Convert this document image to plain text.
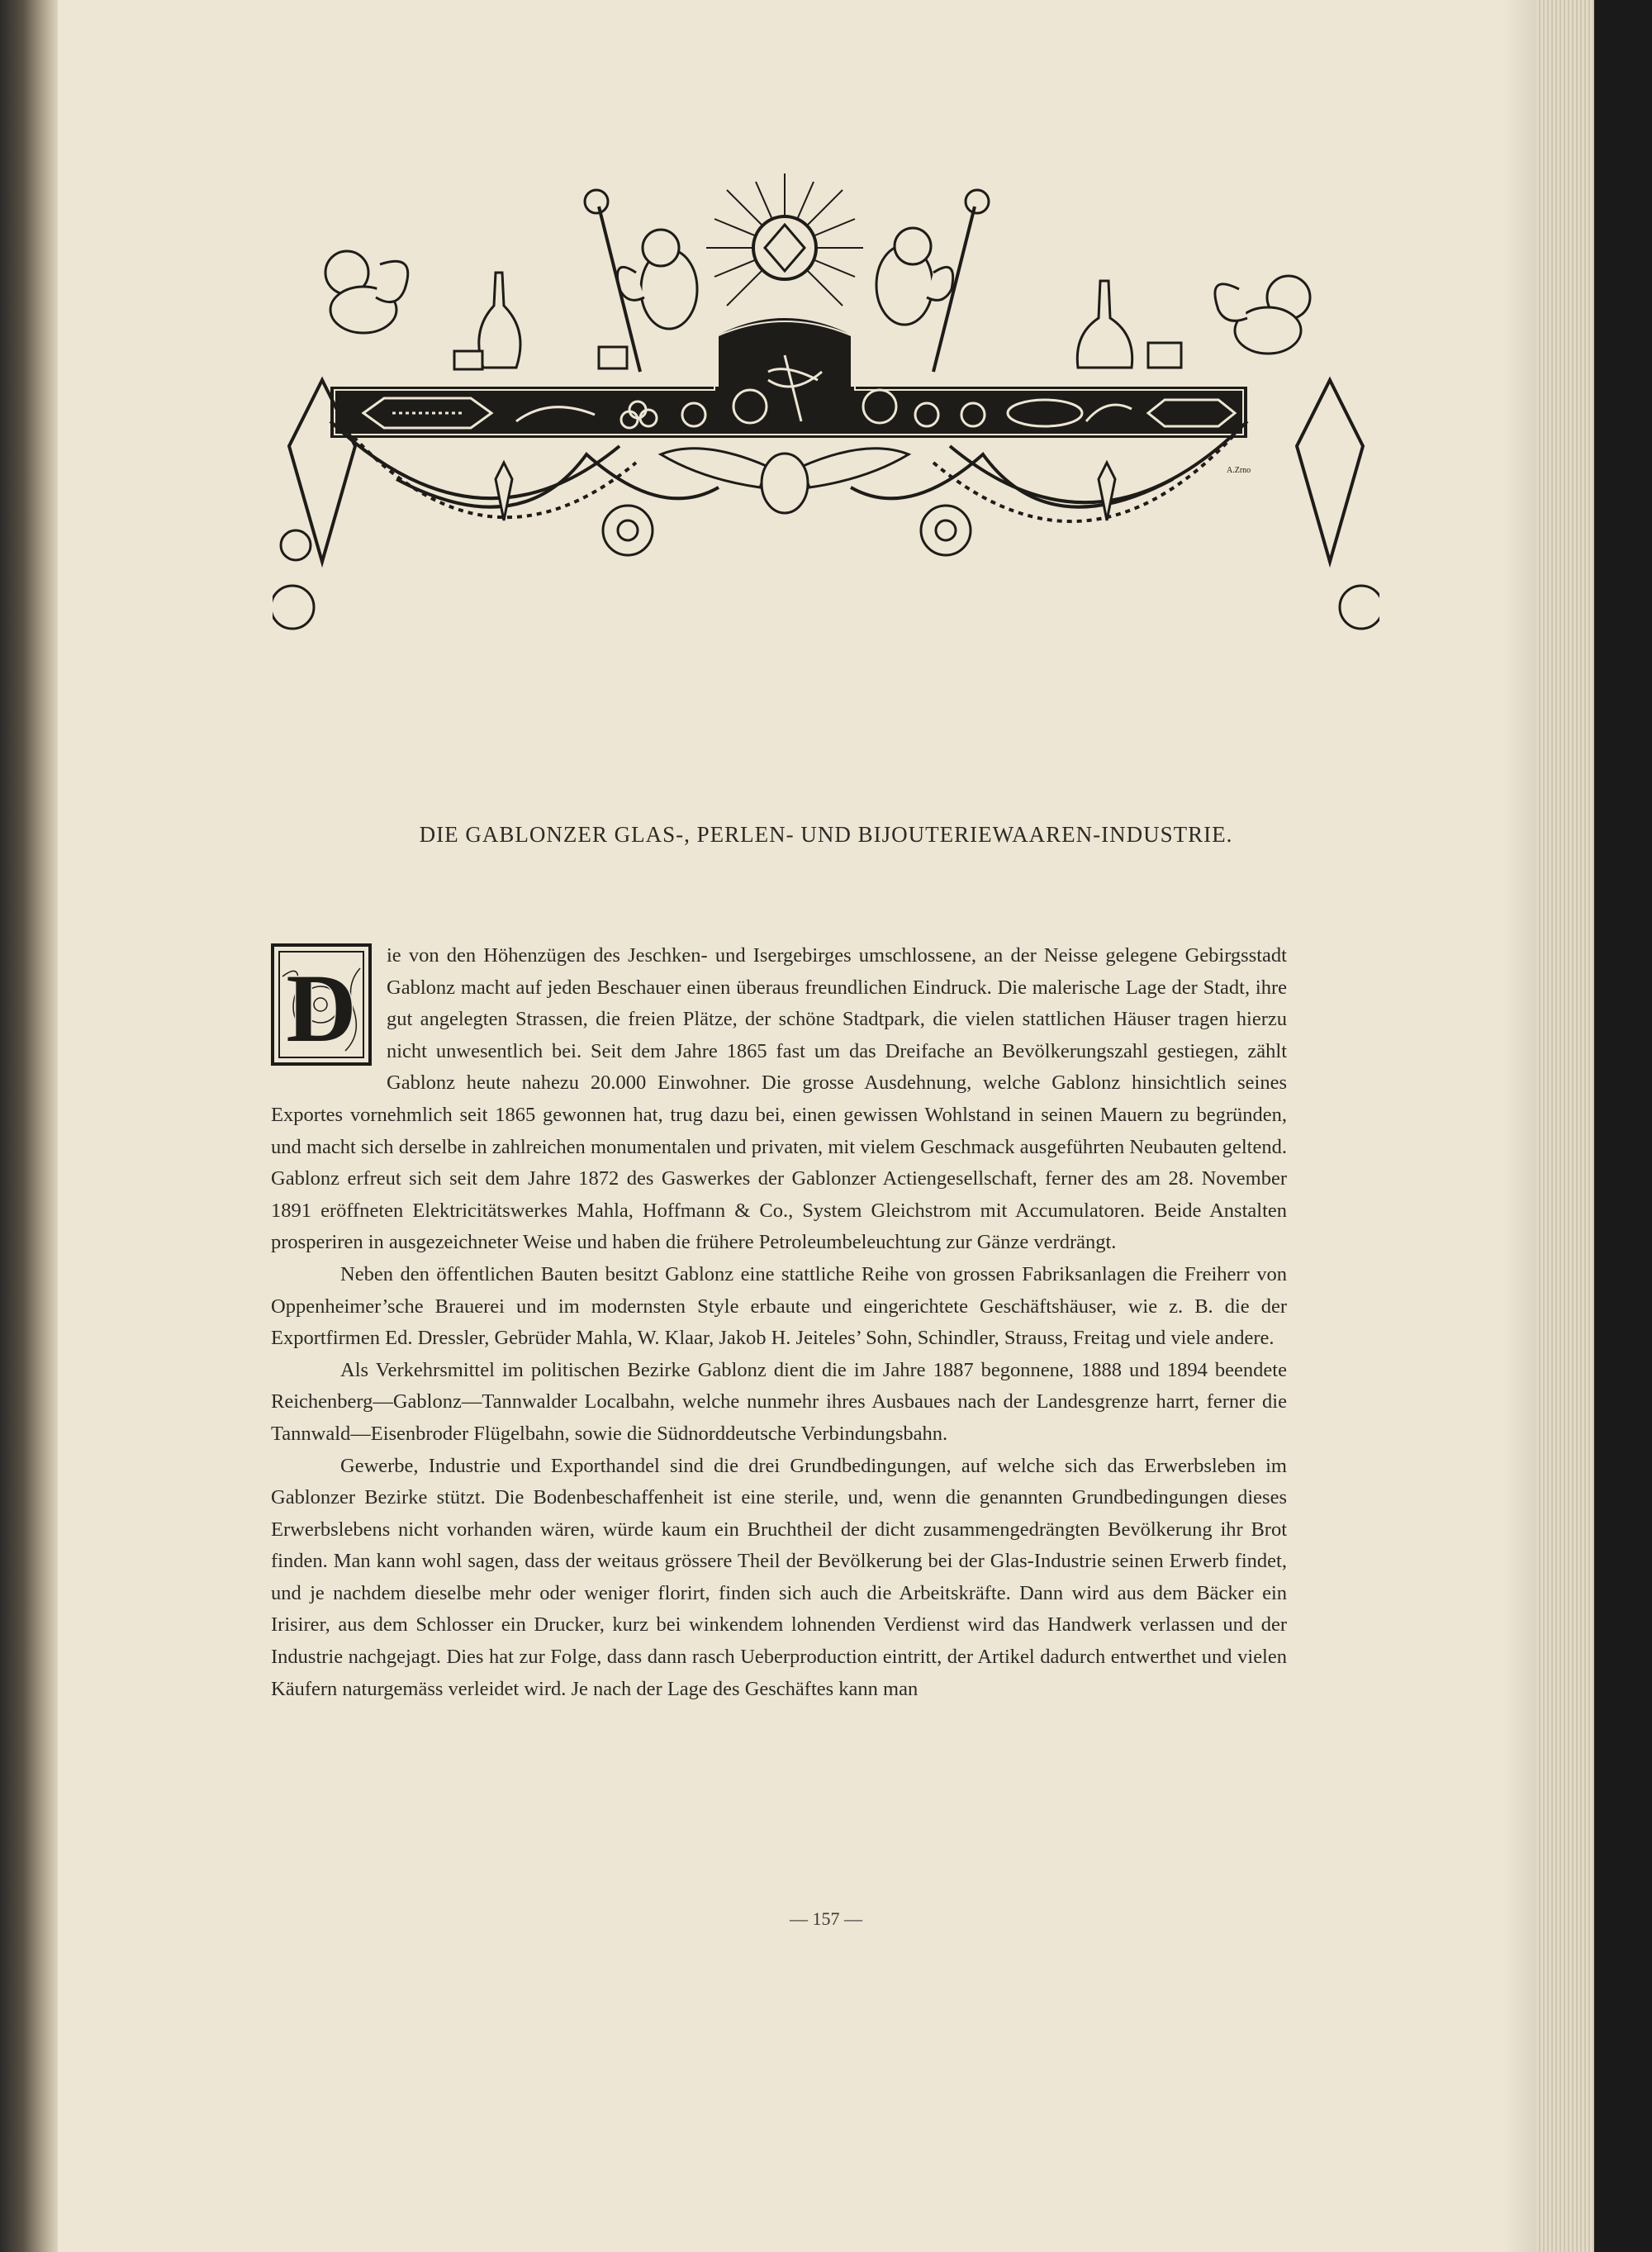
A.Zrno
DIE GABLONZER GLAS-, PERLEN- UND BIJOUTERIEWAAREN-INDUSTRIE.

D ie von den Höhenzügen des Jeschken- und Isergebirges umschlossene, an der Neisse gelegene Gebirgsstadt Gablonz macht auf jeden Beschauer einen überaus freundlichen Eindruck. Die malerische Lage der Stadt, ihre gut angelegten Strassen, die freien Plätze, der schöne Stadtpark, die vielen stattlichen Häuser tragen hierzu nicht unwesentlich bei. Seit dem Jahre 1865 fast um das Dreifache an Bevölkerungszahl gestiegen, zählt Gablonz heute nahezu 20.000 Einwohner. Die grosse Ausdehnung, welche Gablonz hinsichtlich seines Exportes vornehmlich seit 1865 gewonnen hat, trug dazu bei, einen gewissen Wohlstand in seinen Mauern zu begründen, und macht sich derselbe in zahlreichen monumentalen und privaten, mit vielem Geschmack ausgeführten Neubauten geltend. Gablonz erfreut sich seit dem Jahre 1872 des Gaswerkes der Gablonzer Actiengesellschaft, ferner des am 28. November 1891 eröffneten Elektricitätswerkes Mahla, Hoffmann & Co., System Gleichstrom mit Accumulatoren. Beide Anstalten prosperiren in ausgezeichneter Weise und haben die frühere Petroleumbeleuchtung zur Gänze verdrängt.

Neben den öffentlichen Bauten besitzt Gablonz eine stattliche Reihe von grossen Fabriksanlagen die Freiherr von Oppenheimer’sche Brauerei und im modernsten Style erbaute und eingerichtete Geschäftshäuser, wie z. B. die der Exportfirmen Ed. Dressler, Gebrüder Mahla, W. Klaar, Jakob H. Jeiteles’ Sohn, Schindler, Strauss, Freitag und viele andere.

Als Verkehrsmittel im politischen Bezirke Gablonz dient die im Jahre 1887 begonnene, 1888 und 1894 beendete Reichenberg—Gablonz—Tannwalder Localbahn, welche nunmehr ihres Ausbaues nach der Landesgrenze harrt, ferner die Tannwald—Eisenbroder Flügelbahn, sowie die Südnorddeutsche Verbindungsbahn.

Gewerbe, Industrie und Exporthandel sind die drei Grundbedingungen, auf welche sich das Erwerbsleben im Gablonzer Bezirke stützt. Die Bodenbeschaffenheit ist eine sterile, und, wenn die genannten Grundbedingungen dieses Erwerbslebens nicht vorhanden wären, würde kaum ein Bruchtheil der dicht zusammengedrängten Bevölkerung ihr Brot finden. Man kann wohl sagen, dass der weitaus grössere Theil der Bevölkerung bei der Glas-Industrie seinen Erwerb findet, und je nachdem dieselbe mehr oder weniger florirt, finden sich auch die Arbeitskräfte. Dann wird aus dem Bäcker ein Irisirer, aus dem Schlosser ein Drucker, kurz bei winkendem lohnenden Verdienst wird das Handwerk verlassen und der Industrie nachgejagt. Dies hat zur Folge, dass dann rasch Ueberproduction eintritt, der Artikel dadurch entwerthet und vielen Käufern naturgemäss verleidet wird. Je nach der Lage des Geschäftes kann man

— 157 —
